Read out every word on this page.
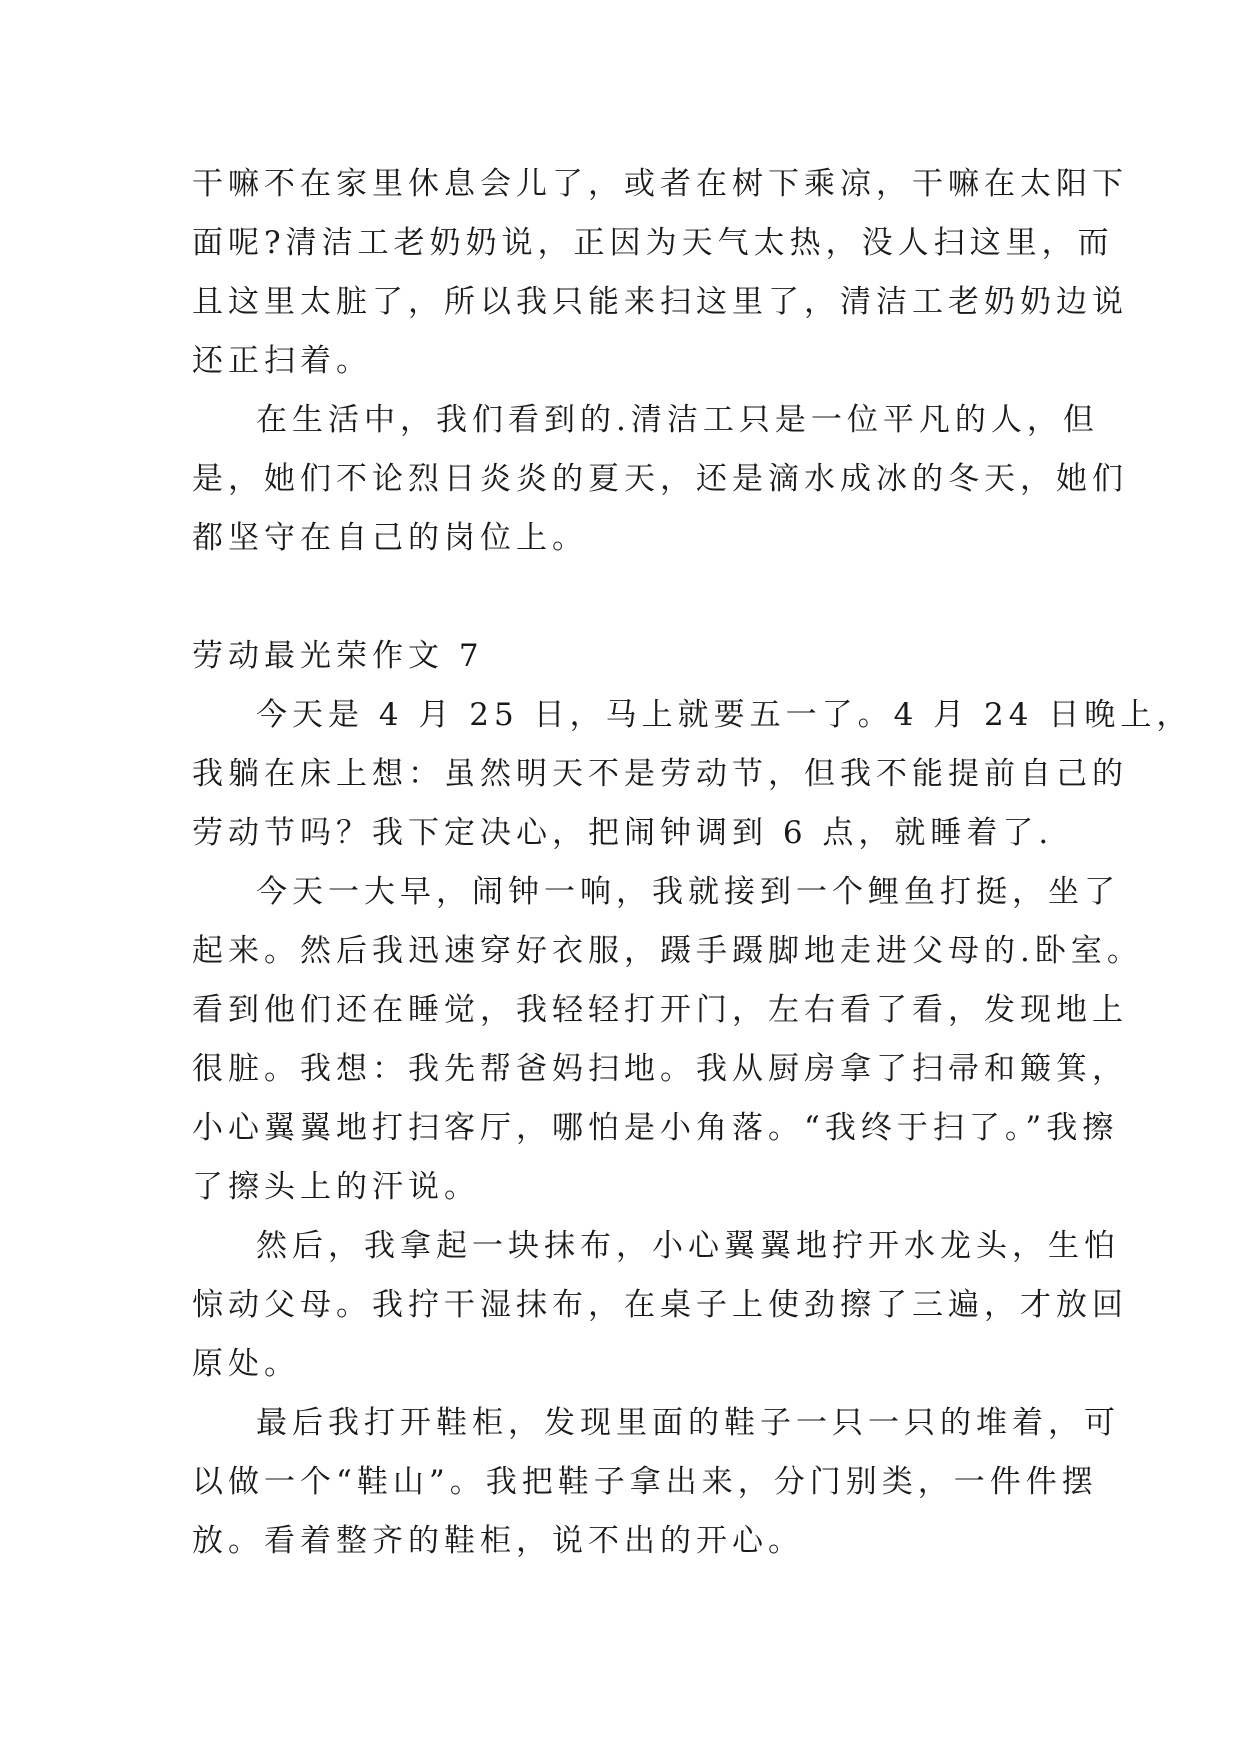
干嘛不在家里休息会儿了，或者在树下乘凉，干嘛在太阳下
面呢?清洁工老奶奶说，正因为天气太热，没人扫这里，而
且这里太脏了，所以我只能来扫这里了，清洁工老奶奶边说
还正扫着。
在生活中，我们看到的.清洁工只是一位平凡的人，但
是，她们不论烈日炎炎的夏天，还是滴水成冰的冬天，她们
都坚守在自己的岗位上。
劳动最光荣作文 7
今天是 4 月 25 日，马上就要五一了。4 月 24 日晚上，
我躺在床上想：虽然明天不是劳动节，但我不能提前自己的
劳动节吗？我下定决心，把闹钟调到 6 点，就睡着了.
今天一大早，闹钟一响，我就接到一个鲤鱼打挺，坐了
起来。然后我迅速穿好衣服，蹑手蹑脚地走进父母的.卧室。
看到他们还在睡觉，我轻轻打开门，左右看了看，发现地上
很脏。我想：我先帮爸妈扫地。我从厨房拿了扫帚和簸箕，
小心翼翼地打扫客厅，哪怕是小角落。“我终于扫了。”我擦
了擦头上的汗说。
然后，我拿起一块抹布，小心翼翼地拧开水龙头，生怕
惊动父母。我拧干湿抹布，在桌子上使劲擦了三遍，才放回
原处。
最后我打开鞋柜，发现里面的鞋子一只一只的堆着，可
以做一个“鞋山”。我把鞋子拿出来，分门别类，一件件摆
放。看着整齐的鞋柜，说不出的开心。
